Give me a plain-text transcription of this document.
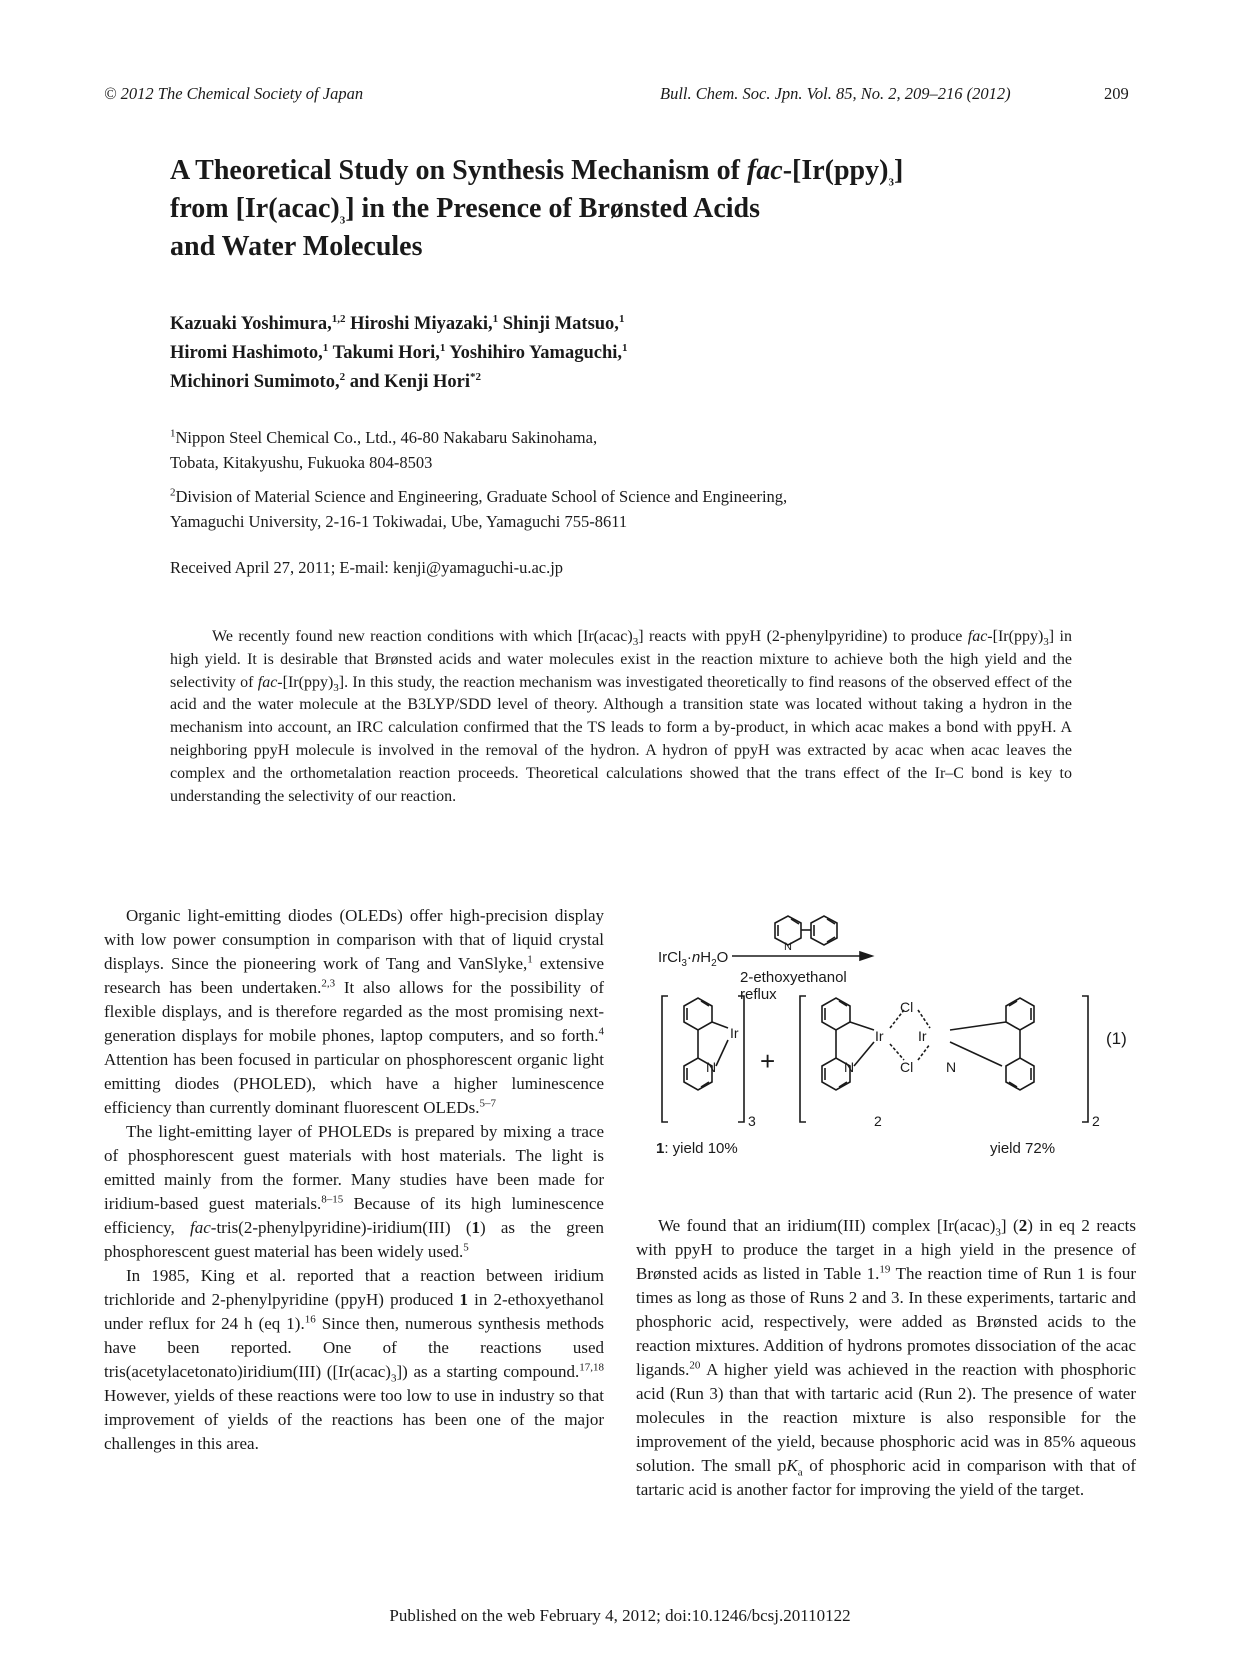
© 2012 The Chemical Society of Japan	Bull. Chem. Soc. Jpn. Vol. 85, No. 2, 209–216 (2012)	209
A Theoretical Study on Synthesis Mechanism of fac-$[Ir(ppy)_3]$
from $[Ir(acac)_3]$ in the Presence of Brønsted Acids
and Water Molecules
Kazuaki Yoshimura,$^{1,2}$ Hiroshi Miyazaki,$^1$ Shinji Matsuo,$^1$
Hiromi Hashimoto,$^1$ Takumi Hori,$^1$ Yoshihiro Yamaguchi,$^1$
Michinori Sumimoto,$^2$ and Kenji Hori$^{*2}$
$^1$Nippon Steel Chemical Co., Ltd., 46-80 Nakabaru Sakinohama,
Tobata, Kitakyushu, Fukuoka 804-8503
$^2$Division of Material Science and Engineering, Graduate School of Science and Engineering,
Yamaguchi University, 2-16-1 Tokiwadai, Ube, Yamaguchi 755-8611
Received April 27, 2011; E-mail: kenji@yamaguchi-u.ac.jp
We recently found new reaction conditions with which $[Ir(acac)_3]$ reacts with ppyH (2-phenylpyridine) to produce fac-$[Ir(ppy)_3]$ in high yield. It is desirable that Brønsted acids and water molecules exist in the reaction mixture to achieve both the high yield and the selectivity of fac-$[Ir(ppy)_3]$. In this study, the reaction mechanism was investigated theoretically to find reasons of the observed effect of the acid and the water molecule at the B3LYP/SDD level of theory. Although a transition state was located without taking a hydron in the mechanism into account, an IRC calculation confirmed that the TS leads to form a by-product, in which acac makes a bond with ppyH. A neighboring ppyH molecule is involved in the removal of the hydron. A hydron of ppyH was extracted by acac when acac leaves the complex and the orthometalation reaction proceeds. Theoretical calculations showed that the trans effect of the Ir–C bond is key to understanding the selectivity of our reaction.

Organic light-emitting diodes (OLEDs) offer high-precision display with low power consumption in comparison with that of liquid crystal displays. Since the pioneering work of Tang and VanSlyke,$^1$ extensive research has been undertaken.$^{2,3}$ It also allows for the possibility of flexible displays, and is therefore regarded as the most promising next-generation displays for mobile phones, laptop computers, and so forth.$^4$ Attention has been focused in particular on phosphorescent organic light emitting diodes (PHOLED), which have a higher luminescence efficiency than currently dominant fluorescent OLEDs.$^{5-7}$

The light-emitting layer of PHOLEDs is prepared by mixing a trace of phosphorescent guest materials with host materials. The light is emitted mainly from the former. Many studies have been made for iridium-based guest materials.$^{8-15}$ Because of its high luminescence efficiency, fac-tris(2-phenylpyridine)-iridium(III) (1) as the green phosphorescent guest material has been widely used.$^5$

In 1985, King et al. reported that a reaction between iridium trichloride and 2-phenylpyridine (ppyH) produced 1 in 2-ethoxyethanol under reflux for 24 h (eq 1).$^{16}$ Since then, numerous synthesis methods have been reported. One of the reactions used tris(acetylacetonato)iridium(III) $([Ir(acac)_3])$ as a starting compound.$^{17,18}$ However, yields of these reactions were too low to use in industry so that improvement of yields of the reactions has been one of the major challenges in this area.

$IrCl_3\cdot nH_2O$
2-ethoxyethanol
reflux
N
Ir
N
3
+
Ir Ir
Cl
Cl
N	N
2	2
(1)
1: yield 10%	yield 72%

We found that an iridium(III) complex $[Ir(acac)_3]$ (2) in eq 2 reacts with ppyH to produce the target in a high yield in the presence of Brønsted acids as listed in Table 1.19 The reaction time of Run 1 is four times as long as those of Runs 2 and 3. In these experiments, tartaric and phosphoric acid, respectively, were added as Brønsted acids to the reaction mixtures. Addition of hydrons promotes dissociation of the acac ligands.$^{20}$ A higher yield was achieved in the reaction with phosphoric acid (Run 3) than that with tartaric acid (Run 2). The presence of water molecules in the reaction mixture is also responsible for the improvement of the yield, because phosphoric acid was in 85% aqueous solution. The small $pK_a$ of phosphoric acid in comparison with that of tartaric acid is another factor for improving the yield of the target.

Published on the web February 4, 2012; doi:10.1246/bcsj.20110122
